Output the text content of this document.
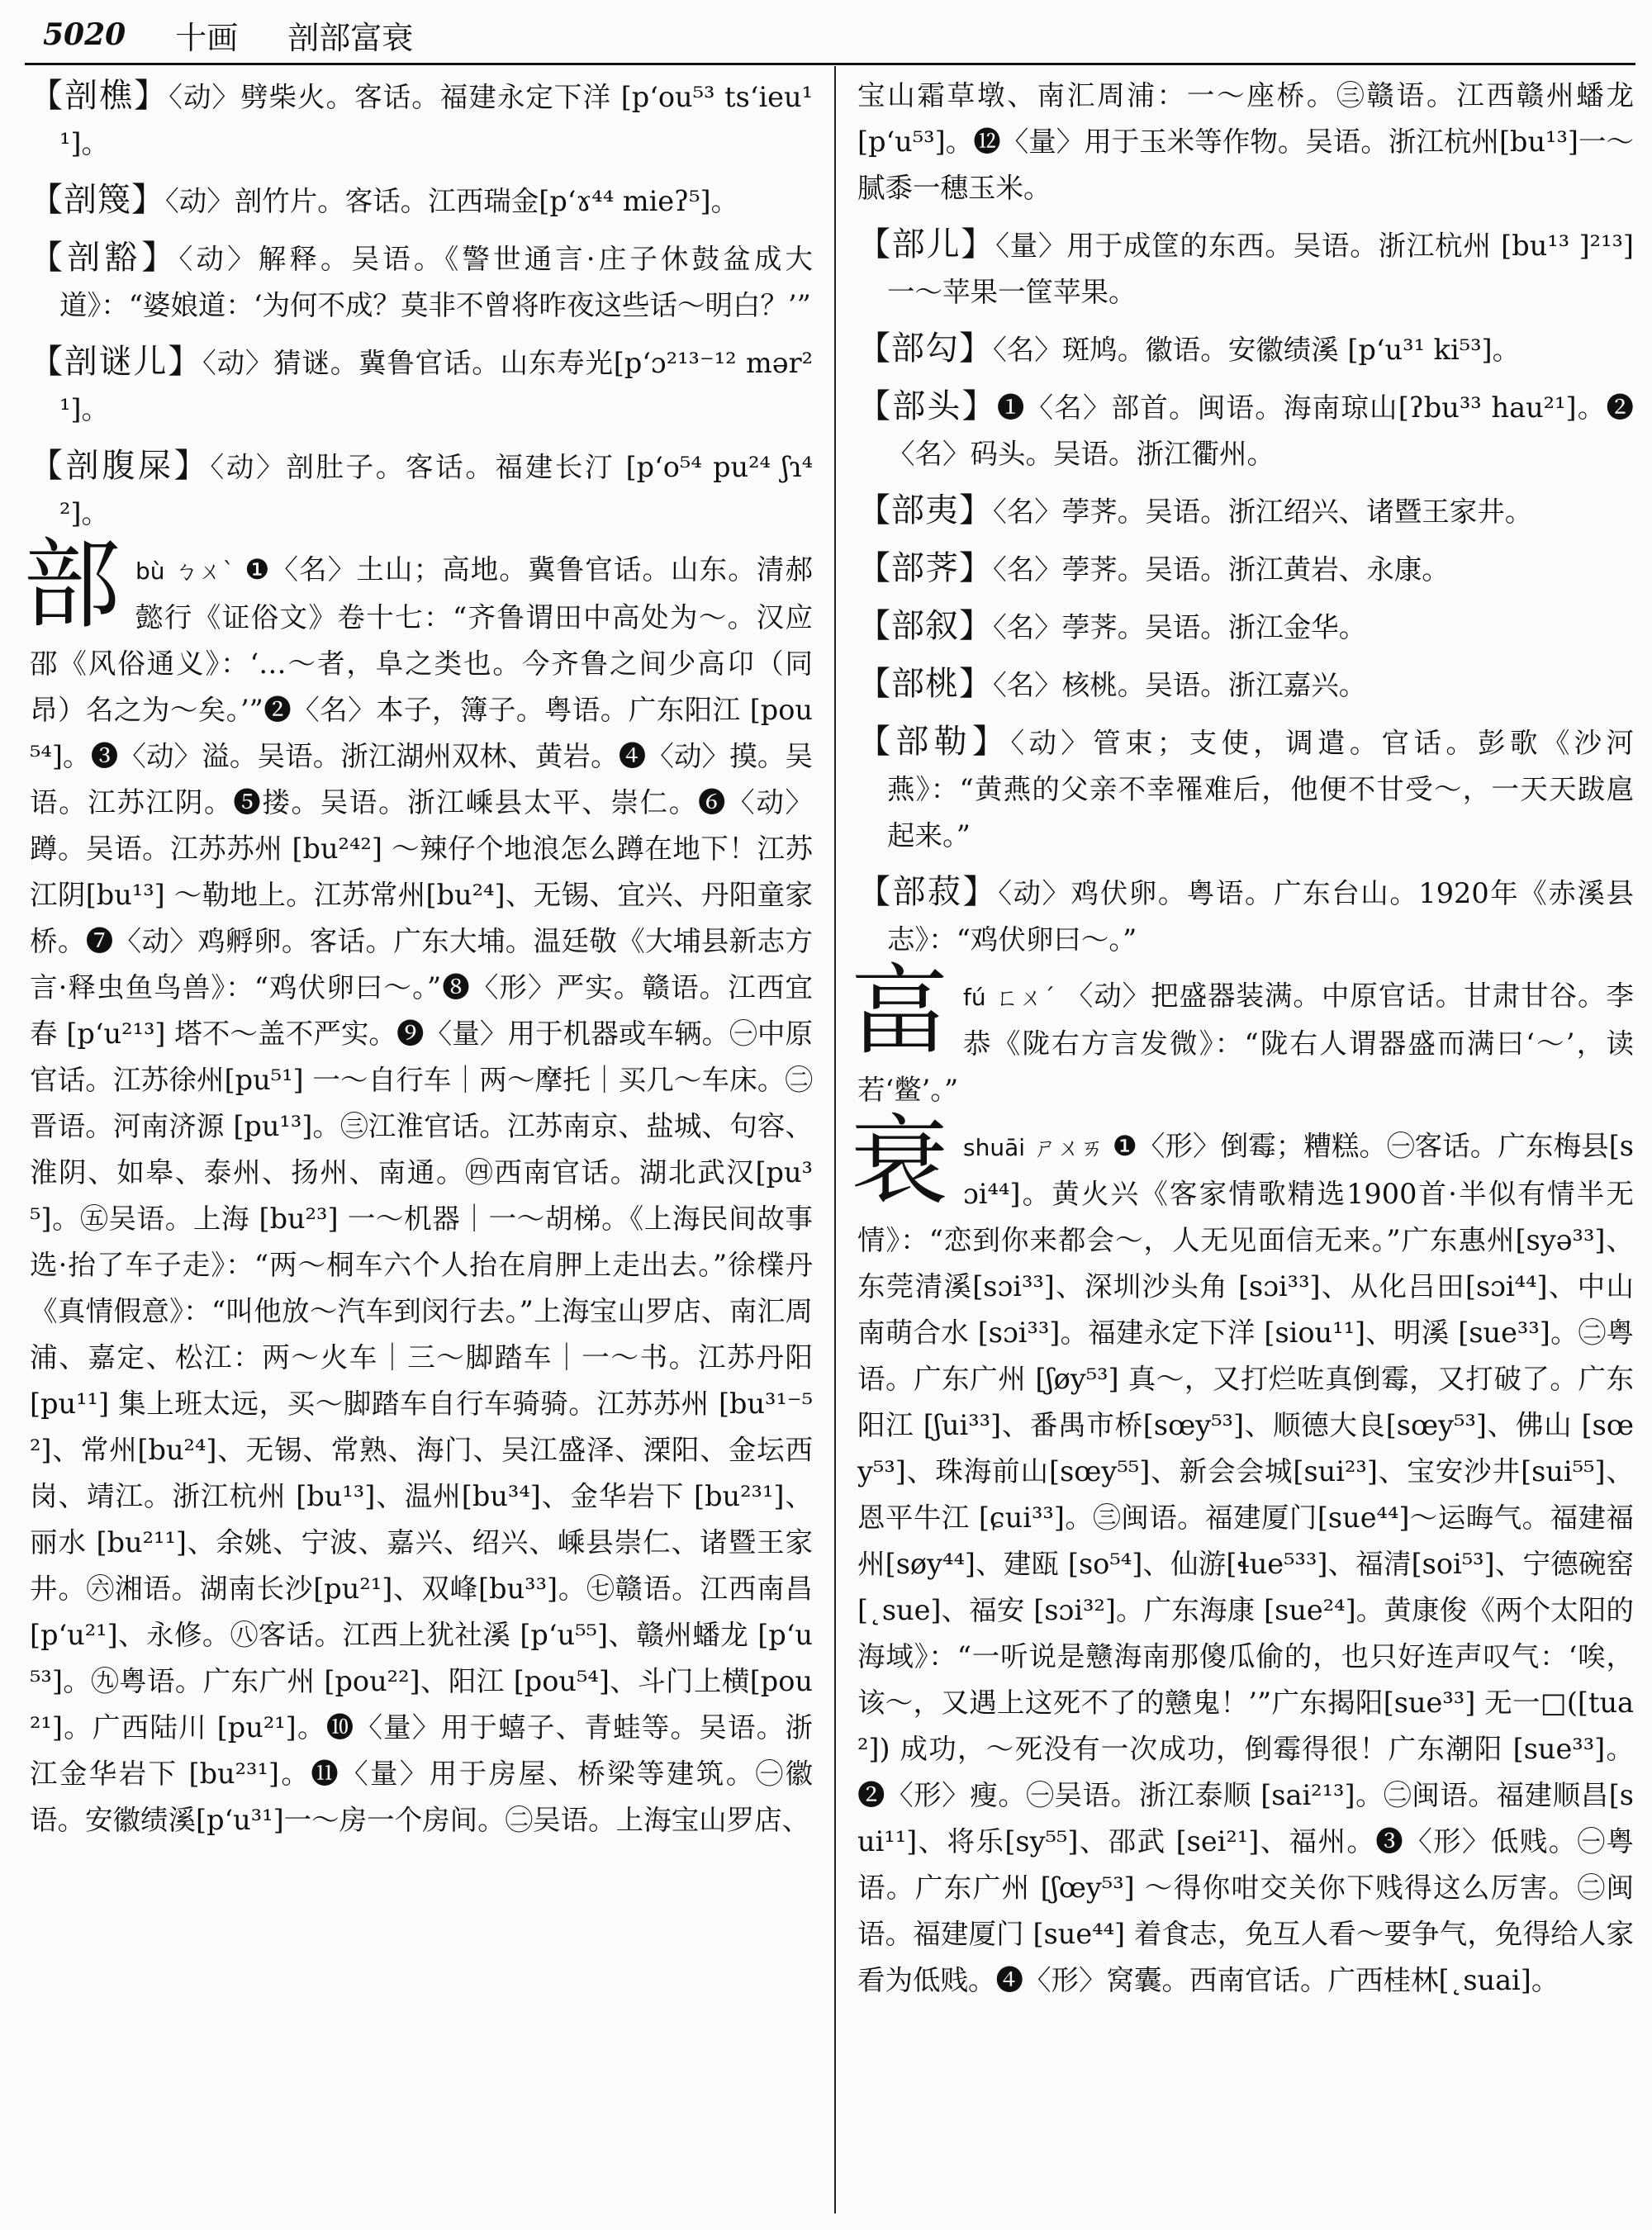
5020 十画 剖部富衰

【剖樵】〈动〉劈柴火。客话。福建永定下洋 [p‘ou⁵³ ts‘ieu¹¹]。

【剖篾】〈动〉剖竹片。客话。江西瑞金[p‘ɤ⁴⁴ mieʔ⁵]。

【剖豁】〈动〉解释。吴语。《警世通言·庄子休鼓盆成大道》：“婆娘道：‘为何不成？莫非不曾将昨夜这些话～明白？’”

【剖谜儿】〈动〉猜谜。冀鲁官话。山东寿光[p‘ɔ²¹³⁻¹² mər²¹]。

【剖腹屎】〈动〉剖肚子。客话。福建长汀 [p‘o⁵⁴ pu²⁴ ʃɿ⁴²]。

部bù ㄅㄨˋ ❶〈名〉土山；高地。冀鲁官话。山东。清郝懿行《证俗文》卷十七：“齐鲁谓田中高处为～。汉应邵《风俗通义》：‘…～者，阜之类也。今齐鲁之间少高卬（同昂）名之为～矣。’”❷〈名〉本子，簿子。粤语。广东阳江 [pou⁵⁴]。❸〈动〉溢。吴语。浙江湖州双林、黄岩。❹〈动〉摸。吴语。江苏江阴。❺搂。吴语。浙江嵊县太平、崇仁。❻〈动〉蹲。吴语。江苏苏州 [bu²⁴²] ～辣仔个地浪怎么蹲在地下！江苏江阴[bu¹³] ～勒地上。江苏常州[bu²⁴]、无锡、宜兴、丹阳童家桥。❼〈动〉鸡孵卵。客话。广东大埔。温廷敬《大埔县新志方言·释虫鱼鸟兽》：“鸡伏卵曰～。”❽〈形〉严实。赣语。江西宜春 [p‘u²¹³] 塔不～盖不严实。❾〈量〉用于机器或车辆。㊀中原官话。江苏徐州[pu⁵¹] 一～自行车｜两～摩托｜买几～车床。㊁晋语。河南济源 [pu¹³]。㊂江淮官话。江苏南京、盐城、句容、淮阴、如皋、泰州、扬州、南通。㊃西南官话。湖北武汉[pu³⁵]。㊄吴语。上海 [bu²³] 一～机器｜一～胡梯。《上海民间故事选·抬了车子走》：“两～桐车六个人抬在肩胛上走出去。”徐檏丹《真情假意》：“叫他放～汽车到闵行去。”上海宝山罗店、南汇周浦、嘉定、松江：两～火车｜三～脚踏车｜一～书。江苏丹阳 [pu¹¹] 集上班太远，买～脚踏车自行车骑骑。江苏苏州 [bu³¹⁻⁵²]、常州[bu²⁴]、无锡、常熟、海门、吴江盛泽、溧阳、金坛西岗、靖江。浙江杭州 [bu¹³]、温州[bu³⁴]、金华岩下 [bu²³¹]、丽水 [bu²¹¹]、余姚、宁波、嘉兴、绍兴、嵊县崇仁、诸暨王家井。㊅湘语。湖南长沙[pu²¹]、双峰[bu³³]。㊆赣语。江西南昌[p‘u²¹]、永修。㊇客话。江西上犹社溪 [p‘u⁵⁵]、赣州蟠龙 [p‘u⁵³]。㊈粤语。广东广州 [pou²²]、阳江 [pou⁵⁴]、斗门上横[pou²¹]。广西陆川 [pu²¹]。❿〈量〉用于蟢子、青蛙等。吴语。浙江金华岩下 [bu²³¹]。⓫〈量〉用于房屋、桥梁等建筑。㊀徽语。安徽绩溪[p‘u³¹]一～房一个房间。㊁吴语。上海宝山罗店、

宝山霜草墩、南汇周浦：一～座桥。㊂赣语。江西赣州蟠龙 [p‘u⁵³]。⓬〈量〉用于玉米等作物。吴语。浙江杭州[bu¹³]一～腻黍一穗玉米。

【部儿】〈量〉用于成筐的东西。吴语。浙江杭州 [bu¹³ ]²¹³] 一～苹果一筐苹果。

【部勾】〈名〉斑鸠。徽语。安徽绩溪 [p‘u³¹ ki⁵³]。

【部头】❶〈名〉部首。闽语。海南琼山[ʔbu³³ hau²¹]。❷〈名〉码头。吴语。浙江衢州。

【部夷】〈名〉荸荠。吴语。浙江绍兴、诸暨王家井。

【部荠】〈名〉荸荠。吴语。浙江黄岩、永康。

【部叙】〈名〉荸荠。吴语。浙江金华。

【部桃】〈名〉核桃。吴语。浙江嘉兴。

【部勒】〈动〉管束；支使，调遣。官话。彭歌《沙河燕》：“黄燕的父亲不幸罹难后，他便不甘受～，一天天跋扈起来。”

【部菽】〈动〉鸡伏卵。粤语。广东台山。1920年《赤溪县志》：“鸡伏卵曰～。”

畗fú ㄈㄨˊ 〈动〉把盛器装满。中原官话。甘肃甘谷。李恭《陇右方言发微》：“陇右人谓器盛而满曰‘～’，读若‘鳖’。”

衰shuāi ㄕㄨㄞ ❶〈形〉倒霉；糟糕。㊀客话。广东梅县[sɔi⁴⁴]。黄火兴《客家情歌精选1900首·半似有情半无情》：“恋到你来都会～，人无见面信无来。”广东惠州[syə³³]、东莞清溪[sɔi³³]、深圳沙头角 [sɔi³³]、从化吕田[sɔi⁴⁴]、中山南萌合水 [sɔi³³]。福建永定下洋 [siou¹¹]、明溪 [sue³³]。㊁粤语。广东广州 [ʃøy⁵³] 真～，又打烂咗真倒霉，又打破了。广东阳江 [ʃui³³]、番禺市桥[sœy⁵³]、顺德大良[sœy⁵³]、佛山 [sœy⁵³]、珠海前山[sœy⁵⁵]、新会会城[sui²³]、宝安沙井[sui⁵⁵]、恩平牛江 [ɕui³³]。㊂闽语。福建厦门[sue⁴⁴]～运晦气。福建福州[søy⁴⁴]、建瓯 [so⁵⁴]、仙游[ɬue⁵³³]、福清[soi⁵³]、宁德碗窑 [˛sue]、福安 [sɔi³²]。广东海康 [sue²⁴]。黄康俊《两个太阳的海域》：“一听说是戆海南那傻瓜偷的，也只好连声叹气：‘唉，该～，又遇上这死不了的戆鬼！’”广东揭阳[sue³³] 无一□([tua²]) 成功，～死没有一次成功，倒霉得很！广东潮阳 [sue³³]。❷〈形〉瘦。㊀吴语。浙江泰顺 [sai²¹³]。㊁闽语。福建顺昌[sui¹¹]、将乐[sy⁵⁵]、邵武 [sei²¹]、福州。❸〈形〉低贱。㊀粤语。广东广州 [ʃœy⁵³] ～得你咁交关你下贱得这么厉害。㊁闽语。福建厦门 [sue⁴⁴] 着食志，免互人看～要争气，免得给人家看为低贱。❹〈形〉窝囊。西南官话。广西桂林[˛suai]。
